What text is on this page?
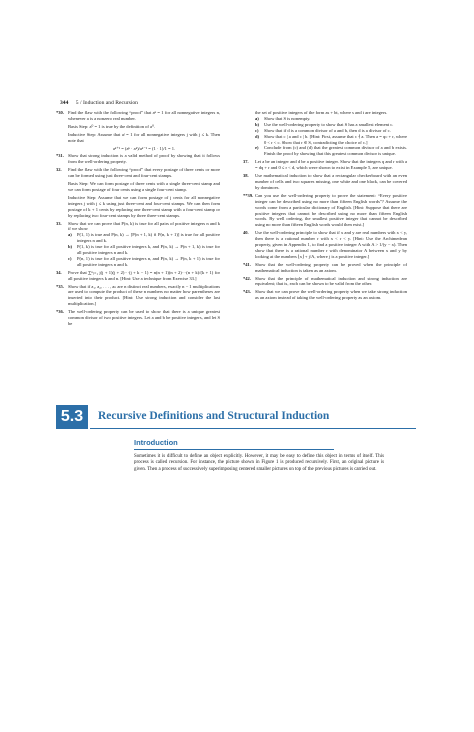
344 5 / Induction and Recursion
*30. Find the flaw with the following “proof” that aⁿ = 1 for all nonnegative integers n, whenever a is a nonzero real number.
Basis Step: a⁰ = 1 is true by the definition of a⁰.
Inductive Step: Assume that aʲ = 1 for all nonnegative integers j with j ≤ k. Then note that
aᵏ⁺¹ = (aᵏ · aᵏ)/aᵏ⁻¹ = (1 · 1)/1 = 1.
*31. Show that strong induction is a valid method of proof by showing that it follows from the well-ordering property.
32. Find the flaw with the following “proof” that every postage of three cents or more can be formed using just three-cent and four-cent stamps.
Basis Step: We can form postage of three cents with a single three-cent stamp and we can form postage of four cents using a single four-cent stamp.
Inductive Step: Assume that we can form postage of j cents for all nonnegative integers j with j ≤ k using just three-cent and four-cent stamps. We can then form postage of k + 1 cents by replacing one three-cent stamp with a four-cent stamp or by replacing two four-cent stamps by three three-cent stamps.
33. Show that we can prove that P(n, k) is true for all pairs of positive integers n and k if we show
a) P(1, 1) is true and P(n, k) → [P(n + 1, k) ∧ P(n, k + 1)] is true for all positive integers n and k.
b) P(1, k) is true for all positive integers k, and P(n, k) → P(n + 1, k) is true for all positive integers n and k.
c) P(n, 1) is true for all positive integers n, and P(n, k) → P(n, k + 1) is true for all positive integers n and k.
34. Prove that ∑ⁿⱼ₌₁ j(j + 1)(j + 2)···(j + k − 1) = n(n + 1)(n + 2)···(n + k)/(k + 1) for all positive integers k and n. [Hint: Use a technique from Exercise 33.]
*35. Show that if a₁, a₂, . . . , aₙ are n distinct real numbers, exactly n − 1 multiplications are used to compute the product of these n numbers no matter how parentheses are inserted into their product. [Hint: Use strong induction and consider the last multiplication.]
*36. The well-ordering property can be used to show that there is a unique greatest common divisor of two positive integers. Let a and b be positive integers, and let S be
the set of positive integers of the form as + bt, where s and t are integers.
a) Show that S is nonempty.
b) Use the well-ordering property to show that S has a smallest element c.
c) Show that if d is a common divisor of a and b, then d is a divisor of c.
d) Show that c | a and c | b. [Hint: First, assume that c ∤ a. Then a = qc + r, where 0 < r < c. Show that r ∈ S, contradicting the choice of c.]
e) Conclude from (c) and (d) that the greatest common divisor of a and b exists. Finish the proof by showing that this greatest common divisor is unique.
37. Let a be an integer and d be a positive integer. Show that the integers q and r with a = dq + r and 0 ≤ r < d, which were shown to exist in Example 5, are unique.
38. Use mathematical induction to show that a rectangular checkerboard with an even number of cells and two squares missing, one white and one black, can be covered by dominoes.
**39. Can you use the well-ordering property to prove the statement: “Every positive integer can be described using no more than fifteen English words”? Assume the words come from a particular dictionary of English. [Hint: Suppose that there are positive integers that cannot be described using no more than fifteen English words. By well ordering, the smallest positive integer that cannot be described using no more than fifteen English words would then exist.]
40. Use the well-ordering principle to show that if x and y are real numbers with x < y, then there is a rational number r with x < r < y. [Hint: Use the Archimedean property, given in Appendix 1, to find a positive integer A with A > 1/(y − x). Then show that there is a rational number r with denominator A between x and y by looking at the numbers ⌊x⌋ + j/A, where j is a positive integer.]
*41. Show that the well-ordering property can be proved when the principle of mathematical induction is taken as an axiom.
*42. Show that the principle of mathematical induction and strong induction are equivalent; that is, each can be shown to be valid from the other.
*43. Show that we can prove the well-ordering property when we take strong induction as an axiom instead of taking the well-ordering property as an axiom.
5.3	Recursive Definitions and Structural Induction
Introduction

Sometimes it is difficult to define an object explicitly. However, it may be easy to define this object in terms of itself. This process is called recursion. For instance, the picture shown in Figure 1 is produced recursively. First, an original picture is given. Then a process of successively superimposing centered smaller pictures on top of the previous pictures is carried out.
